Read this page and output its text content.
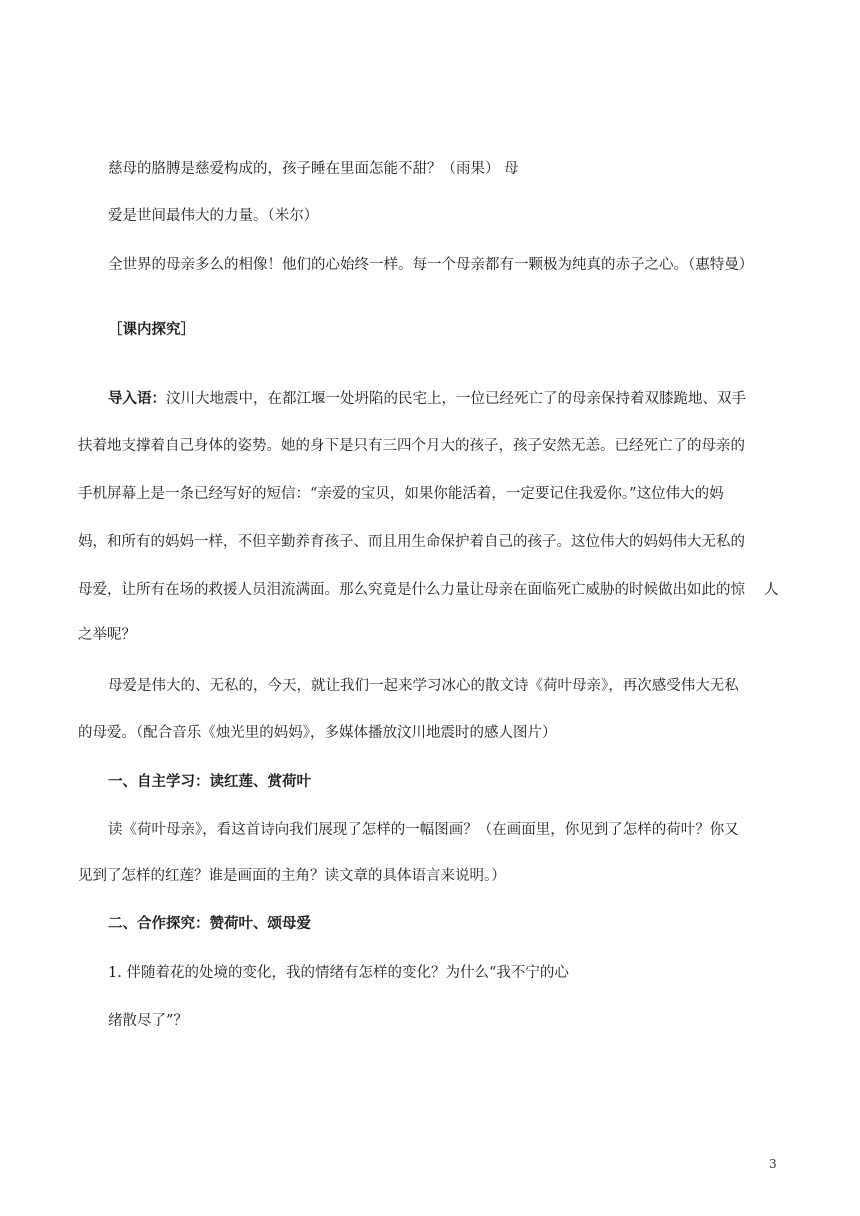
慈母的胳膊是慈爱构成的，孩子睡在里面怎能不甜？（雨果） 母
爱是世间最伟大的力量。（米尔）
全世界的母亲多么的相像！他们的心始终一样。每一个母亲都有一颗极为纯真的赤子之心。（惠特曼）
［课内探究］
导入语：汶川大地震中，在都江堰一处坍陷的民宅上，一位已经死亡了的母亲保持着双膝跪地、双手
扶着地支撑着自己身体的姿势。她的身下是只有三四个月大的孩子，孩子安然无恙。已经死亡了的母亲的
手机屏幕上是一条已经写好的短信：“亲爱的宝贝，如果你能活着，一定要记住我爱你。”这位伟大的妈
妈，和所有的妈妈一样，不但辛勤养育孩子、而且用生命保护着自己的孩子。这位伟大的妈妈伟大无私的
母爱，让所有在场的救援人员泪流满面。那么究竟是什么力量让母亲在面临死亡威胁的时候做出如此的惊 人
之举呢？
母爱是伟大的、无私的，今天，就让我们一起来学习冰心的散文诗《荷叶母亲》，再次感受伟大无私
的母爱。（配合音乐《烛光里的妈妈》，多媒体播放汶川地震时的感人图片）
一、自主学习：读红莲、赏荷叶
读《荷叶母亲》，看这首诗向我们展现了怎样的一幅图画？（在画面里，你见到了怎样的荷叶？你又
见到了怎样的红莲？谁是画面的主角？读文章的具体语言来说明。）
二、合作探究：赞荷叶、颂母爱
1. 伴随着花的处境的变化，我的情绪有怎样的变化？为什么“我不宁的心
绪散尽了”？
3
